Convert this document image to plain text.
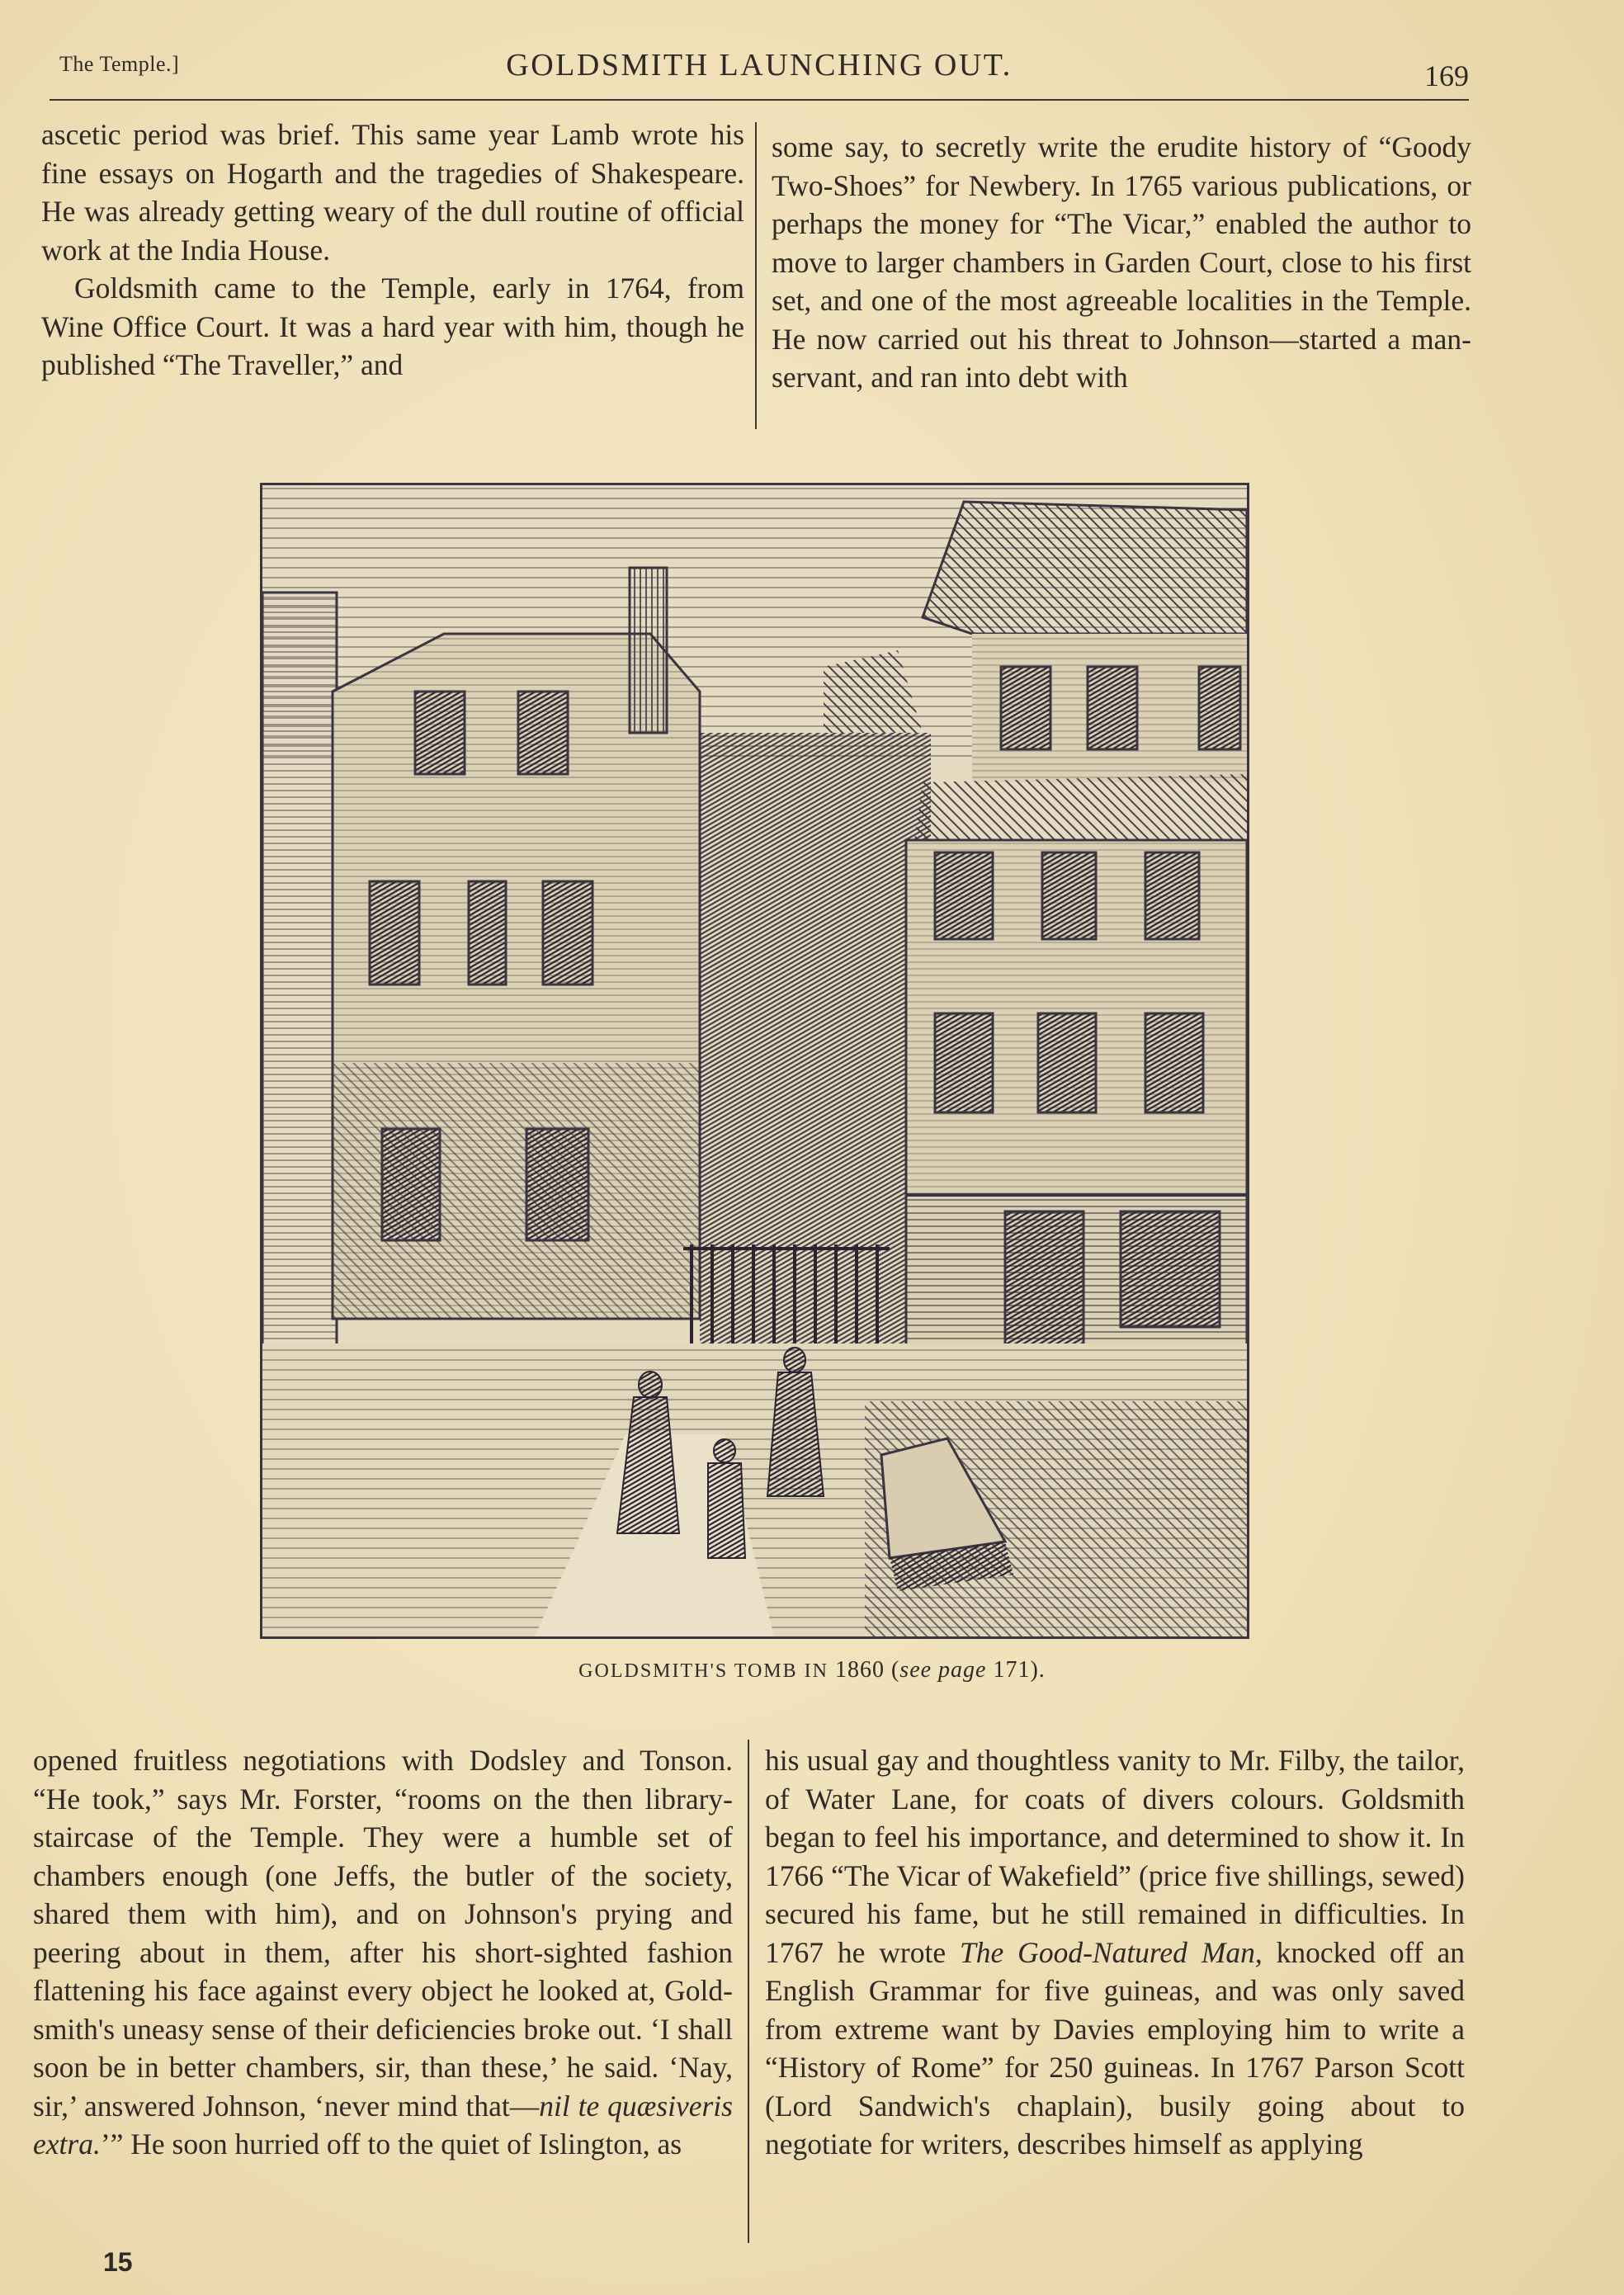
The Temple.]	GOLDSMITH LAUNCHING OUT.	169

ascetic period was brief. This same year Lamb wrote his fine essays on Hogarth and the tragedies of Shakespeare. He was already getting weary of the dull routine of official work at the India House.

Goldsmith came to the Temple, early in 1764, from Wine Office Court. It was a hard year with him, though he published “The Traveller,” and

some say, to secretly write the erudite history of “Goody Two-Shoes” for Newbery. In 1765 various publications, or perhaps the money for “The Vicar,” enabled the author to move to larger chambers in Garden Court, close to his first set, and one of the most agreeable localities in the Temple. He now carried out his threat to Johnson—started a man-servant, and ran into debt with

GOLDSMITH'S TOMB IN 1860 (see page 171).

opened fruitless negotiations with Dodsley and Tonson. “He took,” says Mr. Forster, “rooms on the then library-staircase of the Temple. They were a humble set of chambers enough (one Jeffs, the butler of the society, shared them with him), and on Johnson's prying and peering about in them, after his short-sighted fashion flattening his face against every object he looked at, Goldsmith's uneasy sense of their deficiencies broke out. ‘I shall soon be in better chambers, sir, than these,’ he said. ‘Nay, sir,’ answered Johnson, ‘never mind that—nil te quæsiveris extra.’” He soon hurried off to the quiet of Islington, as

his usual gay and thoughtless vanity to Mr. Filby, the tailor, of Water Lane, for coats of divers colours. Goldsmith began to feel his importance, and determined to show it. In 1766 “The Vicar of Wakefield” (price five shillings, sewed) secured his fame, but he still remained in difficulties. In 1767 he wrote The Good-Natured Man, knocked off an English Grammar for five guineas, and was only saved from extreme want by Davies employing him to write a “History of Rome” for 250 guineas. In 1767 Parson Scott (Lord Sandwich's chaplain), busily going about to negotiate for writers, describes himself as applying

15
